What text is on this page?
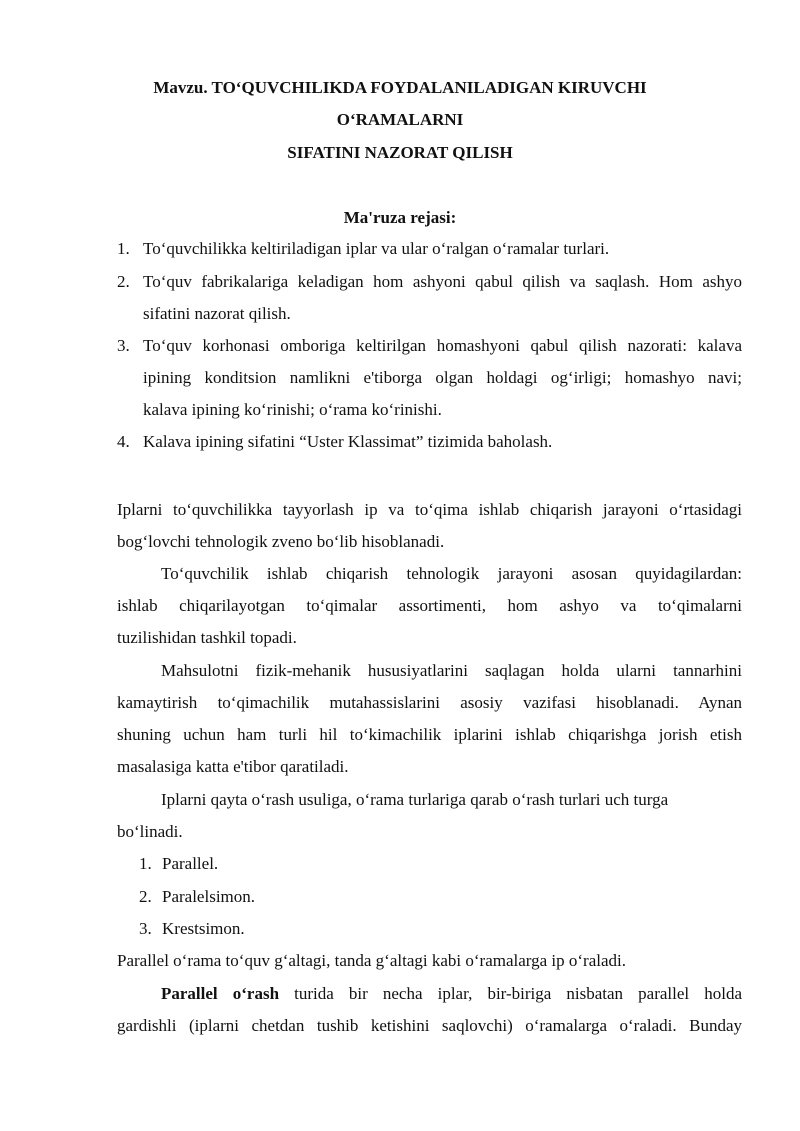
Mavzu. TO‘QUVCHILIKDA FOYDALANILADIGAN KIRUVCHI
O‘RAMALARNI
SIFATINI NAZORAT QILISH
Ma'ruza rejasi:
1. To‘quvchilikka keltiriladigan iplar va ular o‘ralgan o‘ramalar turlari.
2. To‘quv fabrikalariga keladigan hom ashyoni qabul qilish va saqlash. Hom ashyo
sifatini nazorat qilish.
3. To‘quv korhonasi omboriga keltirilgan homashyoni qabul qilish nazorati: kalava
ipining konditsion namlikni e'tiborga olgan holdagi og‘irligi; homashyo navi;
kalava ipining ko‘rinishi; o‘rama ko‘rinishi.
4. Kalava ipining sifatini “Uster Klassimat” tizimida baholash.
Iplarni to‘quvchilikka tayyorlash ip va to‘qima ishlab chiqarish jarayoni o‘rtasidagi
bog‘lovchi tehnologik zveno bo‘lib hisoblanadi.
To‘quvchilik ishlab chiqarish tehnologik jarayoni asosan quyidagilardan:
ishlab chiqarilayotgan to‘qimalar assortimenti, hom ashyo va to‘qimalarni
tuzilishidan tashkil topadi.
Mahsulotni fizik-mehanik hususiyatlarini saqlagan holda ularni tannarhini
kamaytirish to‘qimachilik mutahassislarini asosiy vazifasi hisoblanadi. Aynan
shuning uchun ham turli hil to‘kimachilik iplarini ishlab chiqarishga jorish etish
masalasiga katta e'tibor qaratiladi.
Iplarni qayta o‘rash usuliga, o‘rama turlariga qarab o‘rash turlari uch turga
bo‘linadi.
1. Parallel.
2. Paralelsimon.
3. Krestsimon.
Parallel o‘rama to‘quv g‘altagi, tanda g‘altagi kabi o‘ramalarga ip o‘raladi.
Parallel o‘rash turida bir necha iplar, bir-biriga nisbatan parallel holda
gardishli (iplarni chetdan tushib ketishini saqlovchi) o‘ramalarga o‘raladi. Bunday
